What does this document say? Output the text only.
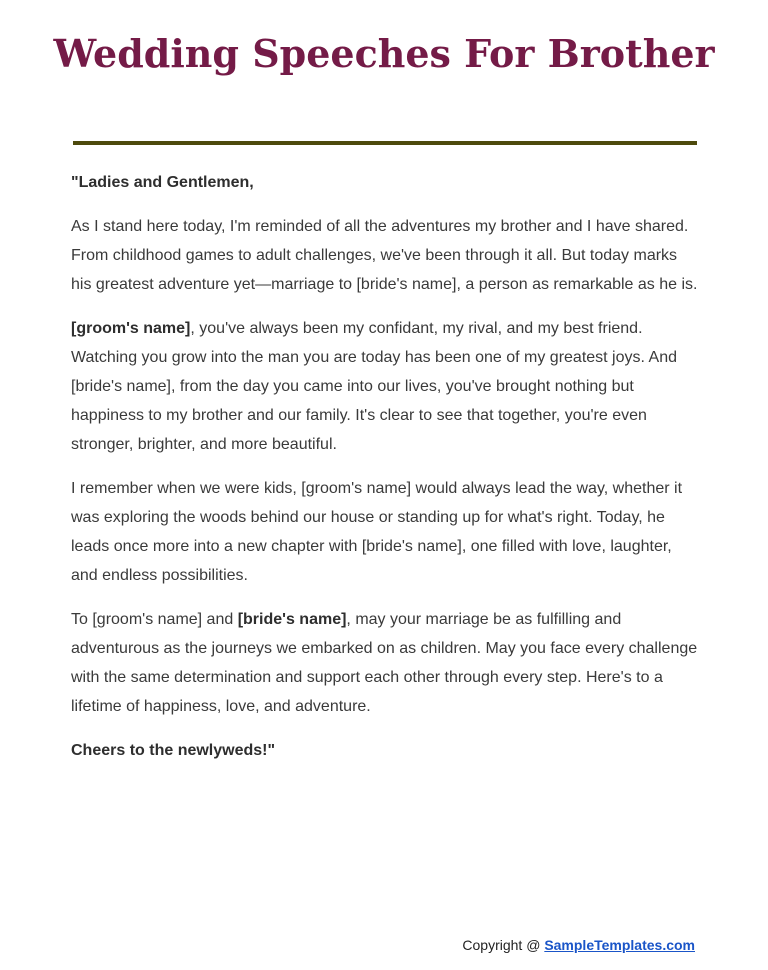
Wedding Speeches For Brother

"Ladies and Gentlemen,

As I stand here today, I'm reminded of all the adventures my brother and I have shared. From childhood games to adult challenges, we've been through it all. But today marks his greatest adventure yet—marriage to [bride's name], a person as remarkable as he is.

[groom's name], you've always been my confidant, my rival, and my best friend. Watching you grow into the man you are today has been one of my greatest joys. And [bride's name], from the day you came into our lives, you've brought nothing but happiness to my brother and our family. It's clear to see that together, you're even stronger, brighter, and more beautiful.

I remember when we were kids, [groom's name] would always lead the way, whether it was exploring the woods behind our house or standing up for what's right. Today, he leads once more into a new chapter with [bride's name], one filled with love, laughter, and endless possibilities.

To [groom's name] and [bride's name], may your marriage be as fulfilling and adventurous as the journeys we embarked on as children. May you face every challenge with the same determination and support each other through every step. Here's to a lifetime of happiness, love, and adventure.

Cheers to the newlyweds!"

Copyright @ SampleTemplates.com
